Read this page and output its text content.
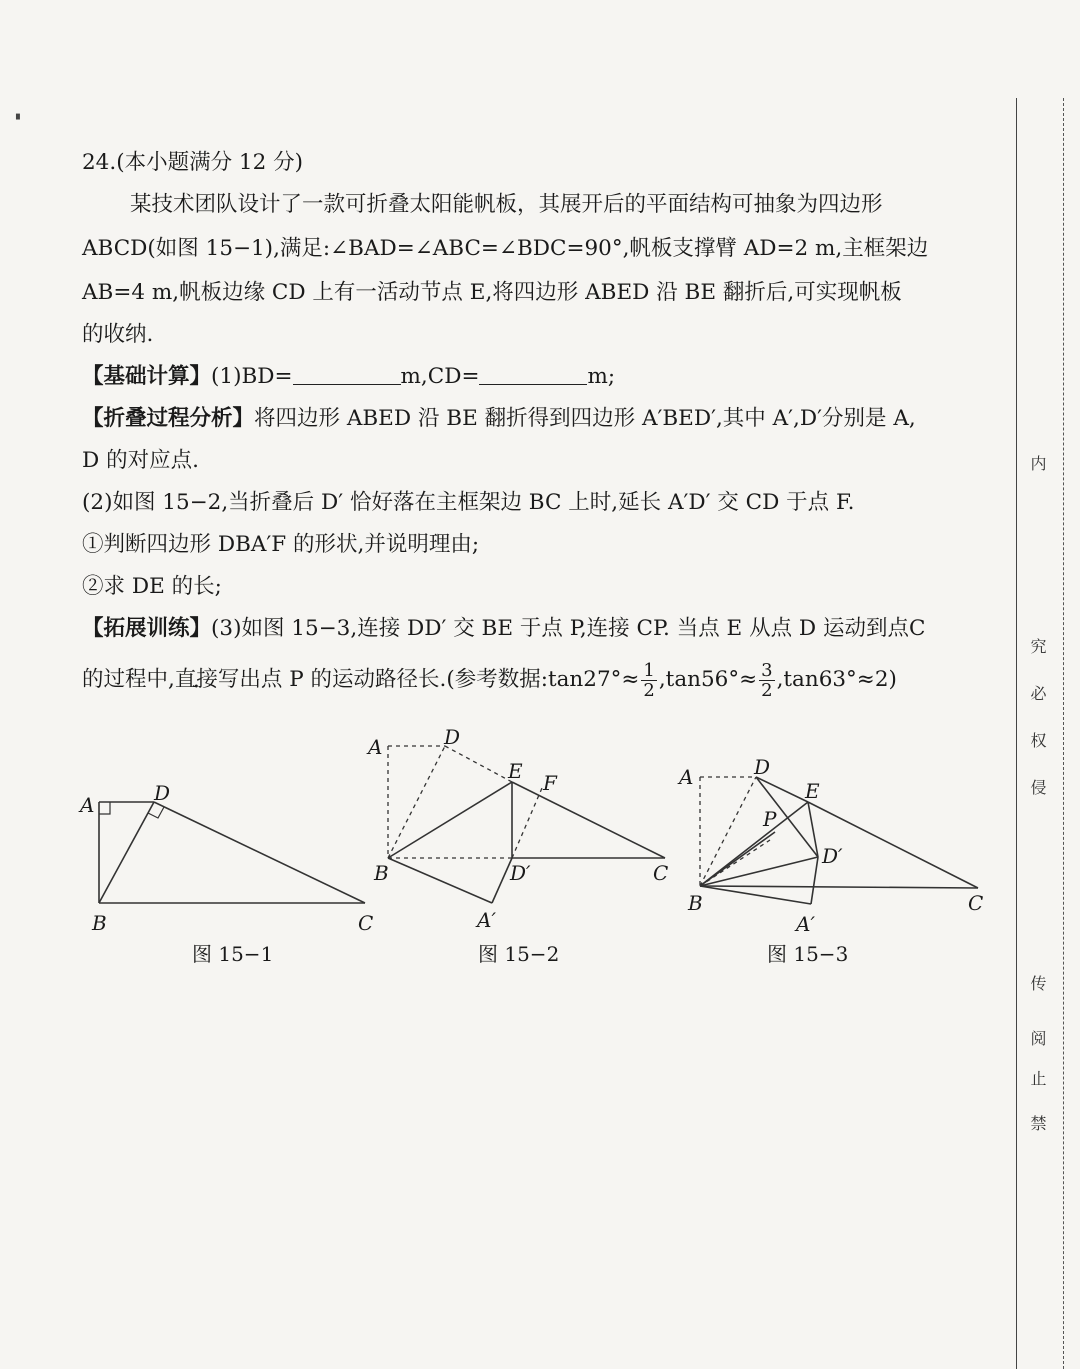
▘
24.(本小题满分 12 分)
某技术团队设计了一款可折叠太阳能帆板，其展开后的平面结构可抽象为四边形
ABCD(如图 15−1),满足:∠BAD=∠ABC=∠BDC=90°,帆板支撑臂 AD=2 m,主框架边
AB=4 m,帆板边缘 CD 上有一活动节点 E,将四边形 ABED 沿 BE 翻折后,可实现帆板
的收纳.
【基础计算】(1)BD=	m,CD=	m;
【折叠过程分析】将四边形 ABED 沿 BE 翻折得到四边形 A′BED′,其中 A′,D′分别是 A,
D 的对应点.
(2)如图 15−2,当折叠后 D′ 恰好落在主框架边 BC 上时,延长 A′D′ 交 CD 于点 F.
①判断四边形 DBA′F 的形状,并说明理由;
②求 DE 的长;
【拓展训练】(3)如图 15−3,连接 DD′ 交 BE 于点 P,连接 CP. 当点 E 从点 D 运动到点C
的过程中,直接写出点 P 的运动路径长.(参考数据:tan27°≈ $\frac{1}{2} ,\tan 56^\circ\approx \frac{3}{2} ,\tan 63^\circ\approx 2$)
A	D
B	C
图 15−1
A	D
E F
B	D′	C
A′
图 15−2
A	D
E
P
D′
B	C
A′
图 15−3
内
究
必
权
侵
传
阅
止
禁
